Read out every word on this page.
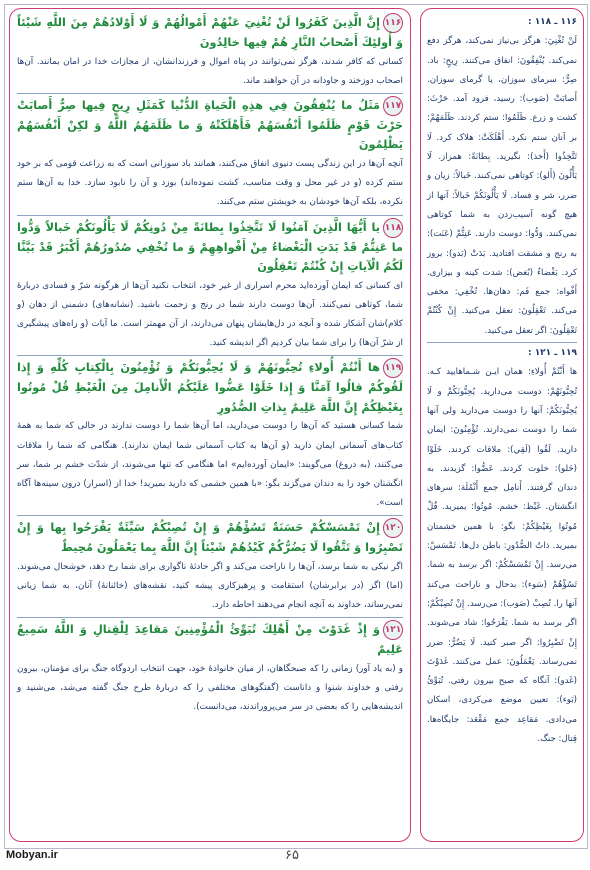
۱۱۶إِنَّ الَّذِينَ كَفَرُوا لَنْ تُغْنِيَ عَنْهُمْ أَمْوالُهُمْ وَ لَا أَوْلادُهُمْ مِنَ اللَّهِ شَيْئاً وَ أُولئِكَ أَصْحابُ النَّارِ هُمْ فِيها خالِدُونَ

کسانی که کافر شدند، هرگز نمی‌توانند در پناه اموال و فرزندانشان، از مجازات خدا در امان بمانند. آن‌ها اصحاب دوزخند و جاودانه در آن خواهند ماند.

۱۱۷مَثَلُ ما يُنْفِقُونَ فِي هذِهِ الْحَياةِ الدُّنْيا كَمَثَلِ رِيحٍ فِيها صِرٌّ أَصابَتْ حَرْثَ قَوْمٍ ظَلَمُوا أَنْفُسَهُمْ فَأَهْلَكَتْهُ وَ ما ظَلَمَهُمُ اللَّهُ وَ لكِنْ أَنْفُسَهُمْ يَظْلِمُونَ

آنچه آن‌ها در این زندگی پست دنیوی انفاق می‌کنند، همانند باد سوزانی است که به زراعت قومی که بر خود ستم کرده (و در غیر محل و وقت مناسب، کشت نموده‌اند) بوزد و آن را نابود سازد. خدا به آن‌ها ستم نکرده، بلکه آن‌ها خودشان به خویشتن ستم می‌کنند.

۱۱۸يا أَيُّهَا الَّذِينَ آمَنُوا لَا تَتَّخِذُوا بِطانَةً مِنْ دُونِكُمْ لَا يَأْلُونَكُمْ خَبالاً وَدُّوا ما عَنِتُّمْ قَدْ بَدَتِ الْبَغْضاءُ مِنْ أَفْواهِهِمْ وَ ما تُخْفِي صُدُورُهُمْ أَكْبَرُ قَدْ بَيَّنَّا لَكُمُ الْآياتِ إِنْ كُنْتُمْ تَعْقِلُونَ

ای کسانی که ایمان آورده‌اید محرم اسراری از غیر خود، انتخاب نکنید آن‌ها از هرگونه شرّ و فسادی دربارۀ شما، کوتاهی نمی‌کنند. آن‌ها دوست دارند شما در رنج و زحمت باشید. (نشانه‌های) دشمنی از دهان (و کلام)شان آشکار شده و آنچه در دل‌هایشان پنهان می‌دارند، از آن مهمتر است. ما آیات (و راه‌های پیشگیری از شرّ آن‌ها) را برای شما بیان کردیم اگر اندیشه کنید.

۱۱۹ها أَنْتُمْ أُولاءِ تُحِبُّونَهُمْ وَ لَا يُحِبُّونَكُمْ وَ تُؤْمِنُونَ بِالْكِتابِ كُلِّهِ وَ إِذا لَقُوكُمْ قالُوا آمَنَّا وَ إِذا خَلَوْا عَضُّوا عَلَيْكُمُ الْأَنامِلَ مِنَ الْغَيْظِ قُلْ مُوتُوا بِغَيْظِكُمْ إِنَّ اللَّهَ عَلِيمٌ بِذاتِ الصُّدُورِ

شما کسانی هستید که آن‌ها را دوست می‌دارید، اما آن‌ها شما را دوست ندارند در حالی که شما به همۀ کتاب‌های آسمانی ایمان دارید (و آن‌ها به کتاب آسمانی شما ایمان ندارند). هنگامی که شما را ملاقات می‌کنند، (به دروغ) می‌گویند: «ایمان آورده‌ایم» اما هنگامی که تنها می‌شوند، از شدّت خشم بر شما، سر انگشتان خود را به دندان می‌گزند بگو: «با همین خشمی که دارید بمیرید! خدا از (اسرار) درون سینه‌ها آگاه است».

۱۲۰إِنْ تَمْسَسْكُمْ حَسَنَةٌ تَسُؤْهُمْ وَ إِنْ تُصِبْكُمْ سَيِّئَةٌ يَفْرَحُوا بِها وَ إِنْ تَصْبِرُوا وَ تَتَّقُوا لَا يَضُرُّكُمْ كَيْدُهُمْ شَيْئاً إِنَّ اللَّهَ بِما يَعْمَلُونَ مُحِيطٌ

اگر نیکی به شما برسد، آن‌ها را ناراحت می‌کند و اگر حادثۀ ناگواری برای شما رخ دهد، خوشحال می‌شوند. (اما) اگر (در برابرشان) استقامت و پرهیزکاری پیشه کنید، نقشه‌های (خائنانۀ) آنان، به شما زیانی نمی‌رساند، خداوند به آنچه انجام می‌دهند احاطه دارد.

۱۲۱وَ إِذْ غَدَوْتَ مِنْ أَهْلِكَ تُبَوِّئُ الْمُؤْمِنِينَ مَقاعِدَ لِلْقِتالِ وَ اللَّهُ سَمِيعٌ عَلِيمٌ

و (به یاد آور) زمانی را که صبحگاهان، از میان خانوادۀ خود، جهت انتخاب اردوگاه جنگ برای مؤمنان، بیرون رفتی و خداوند شنوا و داناست (گفتگوهای مختلفی را که دربارۀ طرح جنگ گفته می‌شد، می‌شنید و اندیشه‌هایی را که بعضی در سر می‌پروراندند، می‌دانست).

۱۱۶ ـ ۱۱۸ :

لَنْ تُغْنِيَ: هرگز بی‌نیاز نمی‌کند، هرگز دفع نمی‌کند. يُنْفِقُونَ: انفاق می‌کنند. رِيحٍ: باد. صِرٌّ: سرمای سوزان، یا گرمای سوزان. أَصابَتْ (صَوب): رسید، فرود آمد. حَرْثَ: کشت و زرع. ظَلَمُوا: ستم کردند. ظَلَمَهُمْ: بر آنان ستم نکرد. أَهْلَكَتْ: هلاک کرد. لَا تَتَّخِذُوا (أَخذ): نگیرید. بِطانَةً: همراز. لَا يَأْلُونَ (أَلو): کوتاهی نمی‌کنند. خَبالاً: زیان و ضرر، شر و فساد. لَا يَأْلُونَكُمْ خَبالاً: آنها از هیچ گونه آسیب‌زدن به شما کوتاهی نمی‌کنند. وَدُّوا: دوست دارند. عَنِتُّمْ (عَنَت): به رنج و مشقت افتادید. بَدَتْ (بَدو): بروز کرد. بَغْضاءُ (بُغض): شدت کینه و بیزاری. أَفْواه: جمع فَم: دهان‌ها. تُخْفِي: مخفی می‌کند. تَعْقِلُونَ: تعقل می‌کنید. إِنْ كُنْتُمْ تَعْقِلُونَ: اگر تعقل می‌کنید.

۱۱۹ ـ ۱۲۱ :

ها أَنْتُمْ أُولاءِ: همان ‌ایـن شـماهایید کـه. تُحِبُّونَهُمْ: دوست می‌دارید. يُحِبُّونَكُمْ و لَا يُحِبُّونَكُمْ: آنها را دوست می‌دارید ولی آنها شما را دوست نمی‌دارند. تُؤْمِنُونَ: ایمان دارید. لَقُوا (لَقِي): ملاقات کردند. خَلَوْا (خَلو): خلوت کردند. عَضُّوا: گزیدند. به دندان گرفتند. أَنامِل جمع أَنْمُلَة: سرهای انگشتان. غَيْظ: خشم. مُوتُوا: بمیرید. قُلْ مُوتُوا بِغَيْظِكُمْ: بگو: با همین خشمتان بمیرید. ذاتُ الصُّدُورِ: باطن دل‌ها. تَمْسَسْ: می‌رسد. إِنْ تَمْسَسْكُمْ: اگر برسد به شما. تَسُؤْهُمْ (سَوء): بدحال و ناراحت می‌کند آنها را. تُصِبْ (صَوب): می‌رسد. إِنْ تُصِبْكُمْ: اگر برسد به شما. يَفْرَحُوا: شاد می‌شوند. إِنْ تَصْبِرُوا: اگر صبر کنید. لَا يَضُرُّ: ضرر نمی‌رساند. يَعْمَلُونَ: عمل می‌کنند. غَدَوْتَ (غَدو): آنگاه که صبح بیرون رفتی. تُبَوِّئُ (بَوء): تعیین موضع می‌کردی، اسکان می‌دادی. مَقاعِد جمع مَقْعَد: جایگاه‌ها. قِتال: جنگ.

Mobyan.ir	۶۵
